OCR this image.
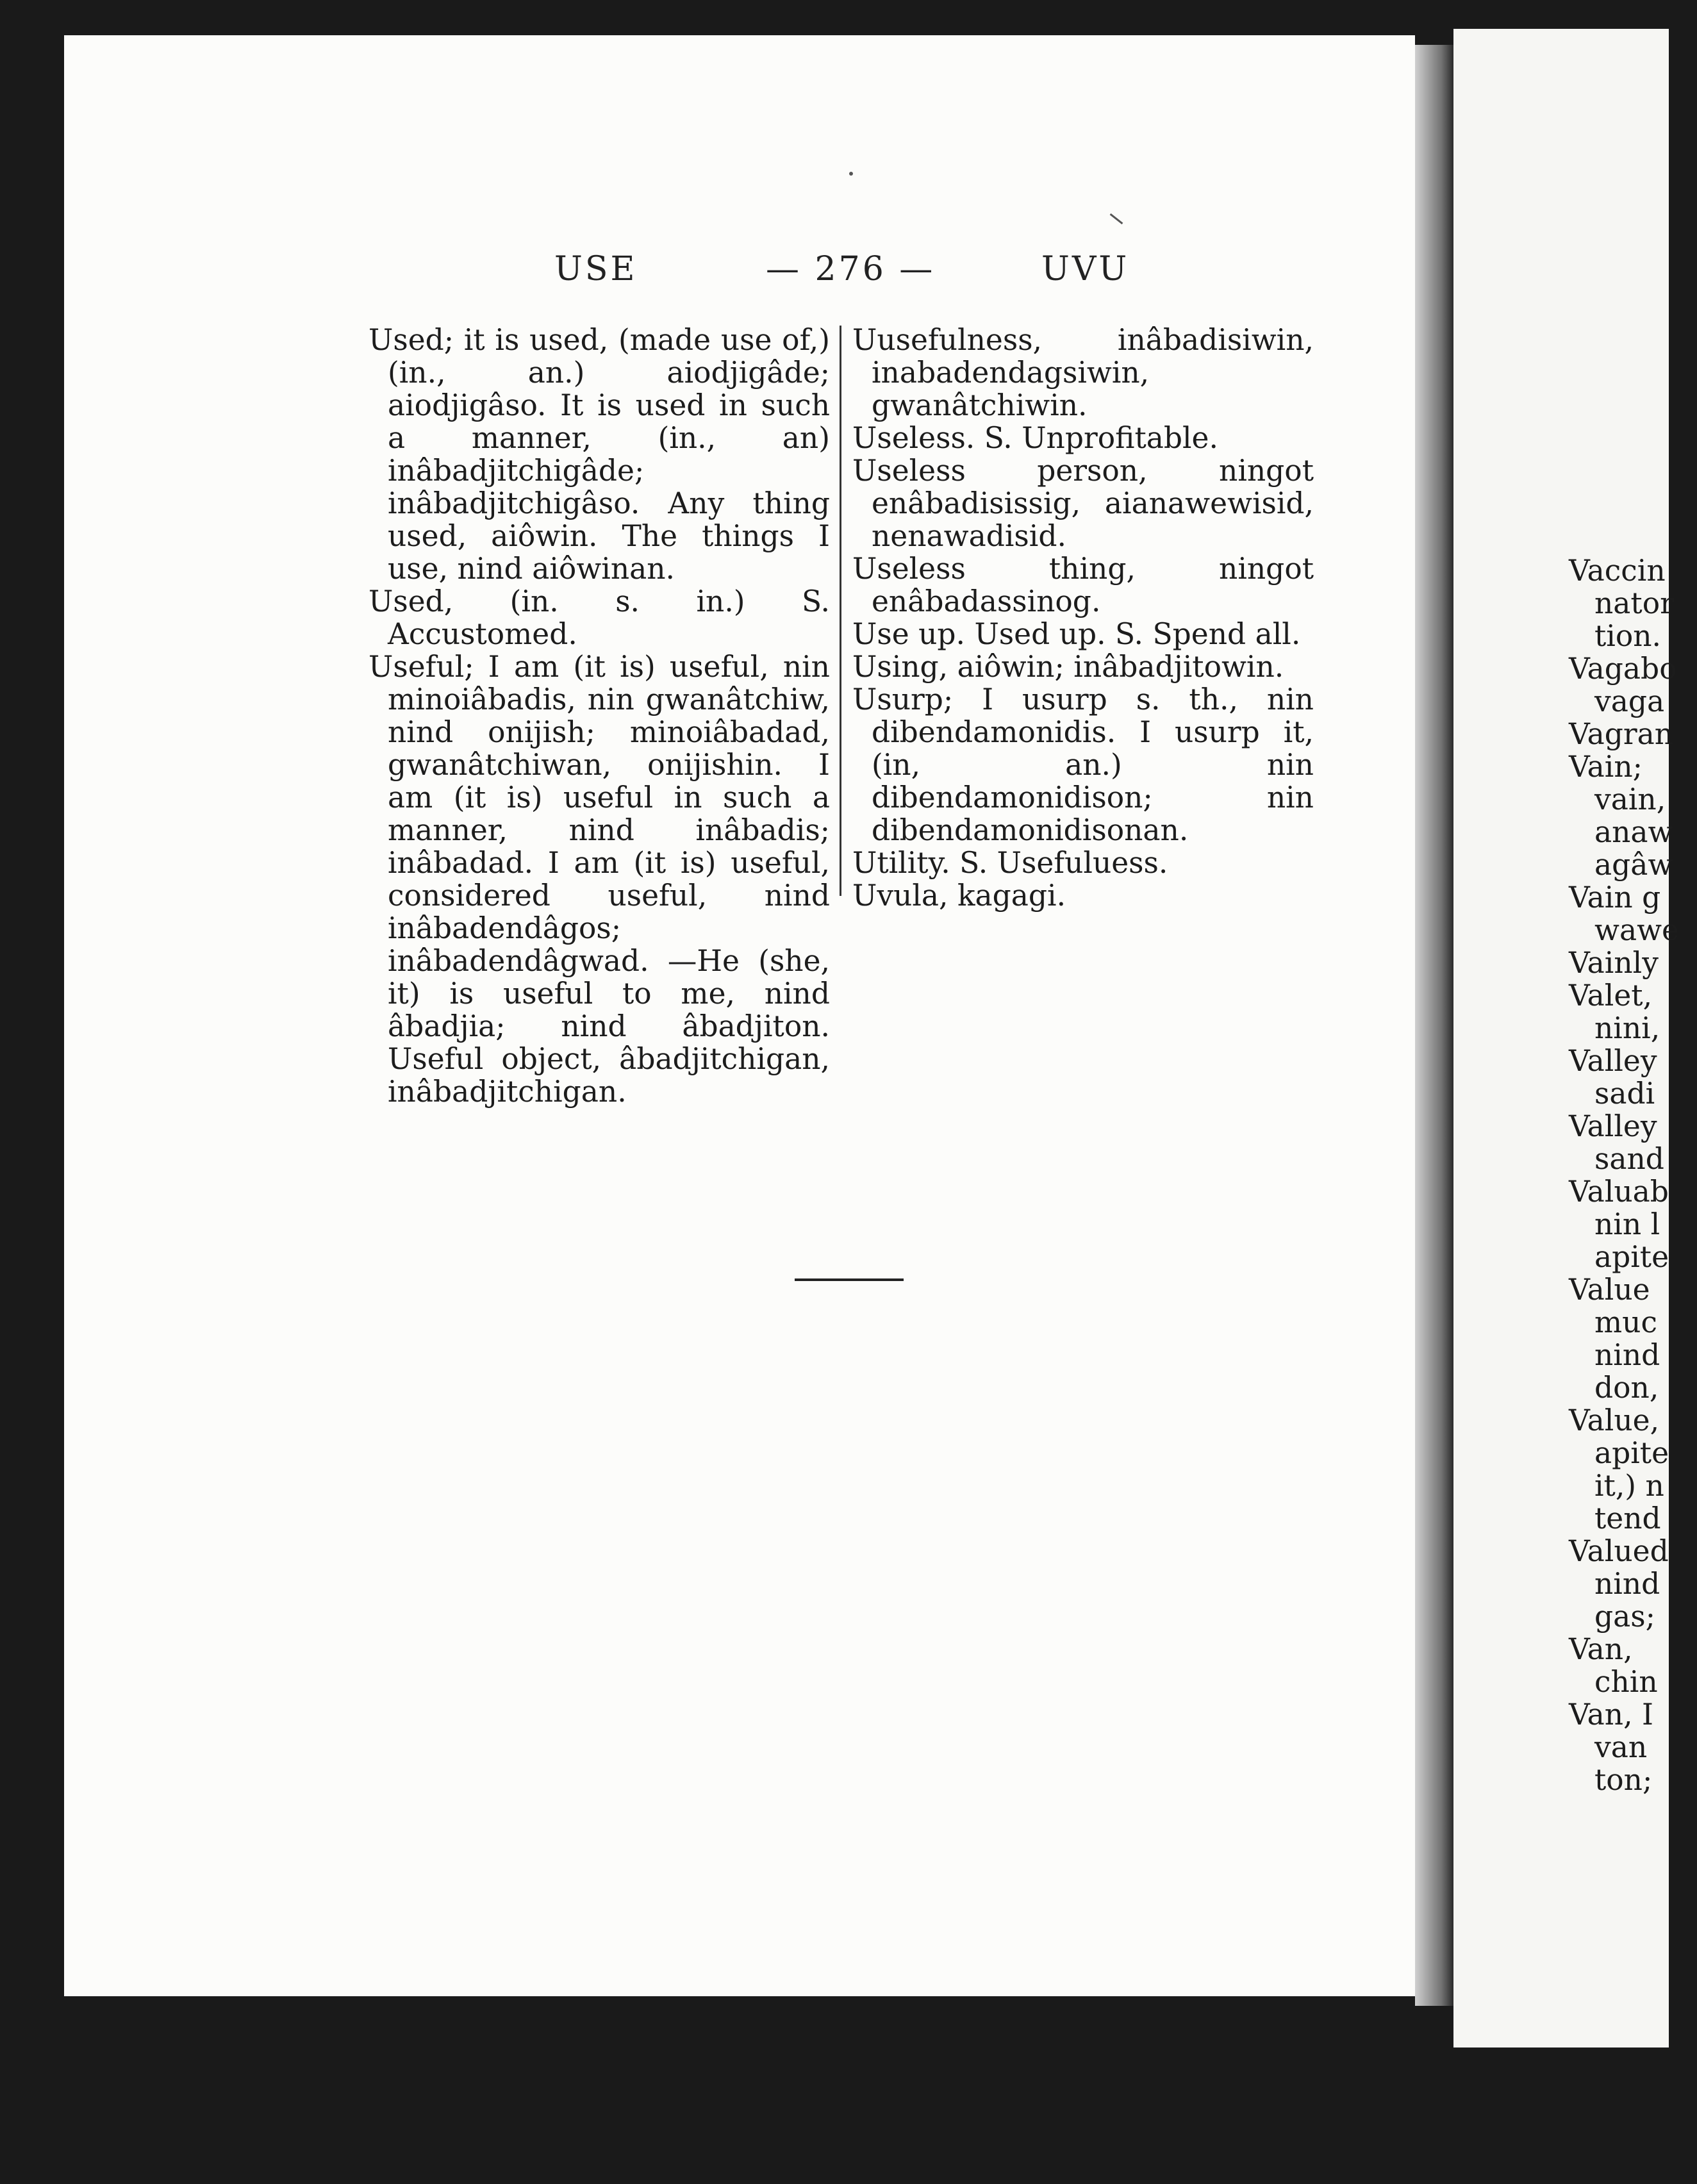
Vaccin
nator
tion.
Vagabo
vaga
Vagran
Vain;
vain,
anaw
agâw
Vain g
wawe
Vainly
Valet,
nini,
Valley
sadi
Valley
sand
Valuab
nin l
apite
Value
muc
nind
don,
Value,
apite
it,) n
tend
Valued
nind
gas;
Van,
chin
Van, I
van
ton;
USE	— 276 —	UVU
Used; it is used, (made use of,) (in., an.) aiodjigâde; aiodjigâso. It is used in such a manner, (in., an) inâbadjitchigâde; inâbadjitchigâso. Any thing used, aiôwin. The things I use, nind aiôwinan.
Used, (in. s. in.) S. Accustomed.
Useful; I am (it is) useful, nin minoiâbadis, nin gwanâtchiw, nind onijish; minoiâbadad, gwanâtchiwan, onijishin. I am (it is) useful in such a manner, nind inâbadis; inâbadad. I am (it is) useful, considered useful, nind inâbadendâgos; inâbadendâgwad. —He (she, it) is useful to me, nind âbadjia; nind âbadjiton. Useful object, âbadjitchigan, inâbadjitchigan.
Uusefulness, inâbadisiwin, inabadendagsiwin, gwanâtchiwin.
Useless. S. Unprofitable.
Useless person, ningot enâbadisissig, aianawewisid, nenawadisid.
Useless thing, ningot enâbadassinog.
Use up. Used up. S. Spend all.
Using, aiôwin; inâbadjitowin.
Usurp; I usurp s. th., nin dibendamonidis. I usurp it, (in, an.) nin dibendamonidison; nin dibendamonidisonan.
Utility. S. Usefuluess.
Uvula, kagagi.
